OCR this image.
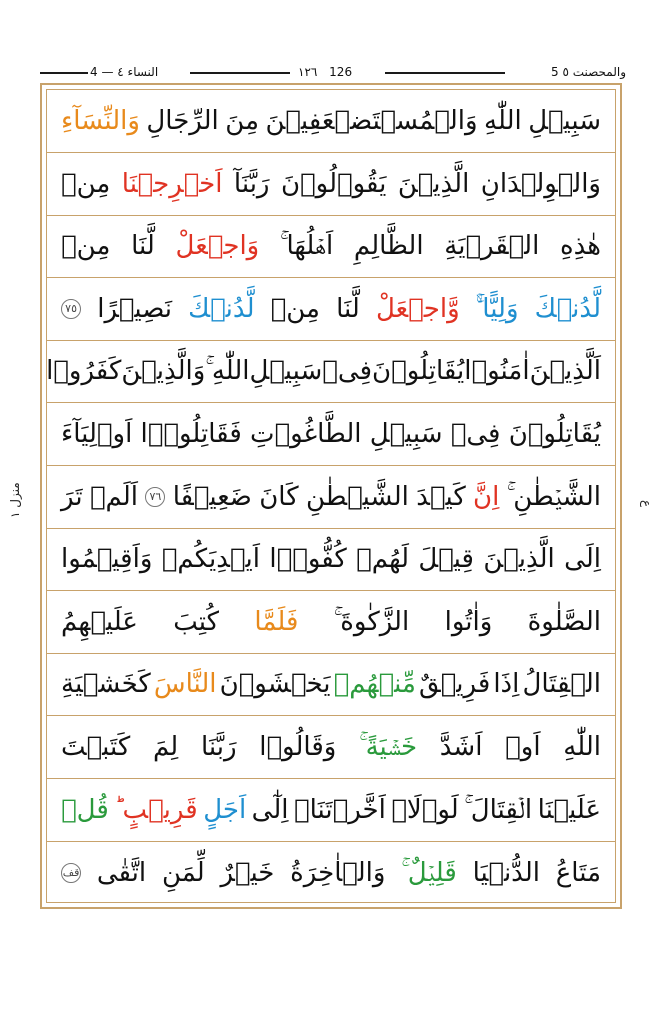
النساء ٤ — 4	١٢٦ 126	5 والمحصنت ٥
منزل ١	ع
سَبِيۡلِ
اللّٰهِ
وَالۡمُسۡتَضۡعَفِيۡنَ
مِنَ
الرِّجَالِ
وَالنِّسَآءِ
وَالۡوِلۡدَانِ
الَّذِيۡنَ
يَقُوۡلُوۡنَ
رَبَّنَآ
اَخۡرِجۡنَا
مِنۡ
هٰذِهِ
الۡقَرۡيَةِ
الظَّالِمِ
اَهۡلُهَا ۚ
وَاجۡعَلْ
لَّنَا
مِنۡ
لَّدُنۡكَ
وَلِيًّا ۙۚ
وَّاجۡعَلْ
لَّنَا
مِنۡ
لَّدُنۡكَ
نَصِيۡرًا
٧٥
اَلَّذِيۡنَ
اٰمَنُوۡا
يُقَاتِلُوۡنَ
فِىۡ
سَبِيۡلِ
اللّٰهِ ۚ
وَالَّذِيۡنَ
كَفَرُوۡا
يُقَاتِلُوۡنَ
فِىۡ
سَبِيۡلِ
الطَّاغُوۡتِ
فَقَاتِلُوۡۤا
اَوۡلِيَآءَ
الشَّيۡطٰنِ ۚ
اِنَّ
كَيۡدَ
الشَّيۡطٰنِ
كَانَ
ضَعِيۡفًا
٧٦
اَلَمۡ
تَرَ
اِلَى
الَّذِيۡنَ
قِيۡلَ
لَهُمۡ
كُفُّوۡۤا
اَيۡدِيَكُمۡ
وَاَقِيۡمُوا
الصَّلٰوةَ
وَاٰتُوا
الزَّكٰوةَ ۚ
فَلَمَّا
كُتِبَ
عَلَيۡهِمُ
الۡقِتَالُ
اِذَا
فَرِيۡقٌ
مِّنۡهُمۡ
يَخۡشَوۡنَ
النَّاسَ
كَخَشۡيَةِ
اللّٰهِ
اَوۡ
اَشَدَّ
خَشۡيَةً ۚ
وَقَالُوۡا
رَبَّنَا
لِمَ
كَتَبۡتَ
عَلَيۡنَا
الۡقِتَالَ ۚ
لَوۡلَاۤ
اَخَّرۡتَنَاۤ
اِلٰٓى
اَجَلٍ
قَرِيۡبٍ ؕ
قُلۡ
مَتَاعُ
الدُّنۡيَا
قَلِيۡلٌ ۚ
وَالۡاٰخِرَةُ
خَيۡرٌ
لِّمَنِ
اتَّقٰى
قف
